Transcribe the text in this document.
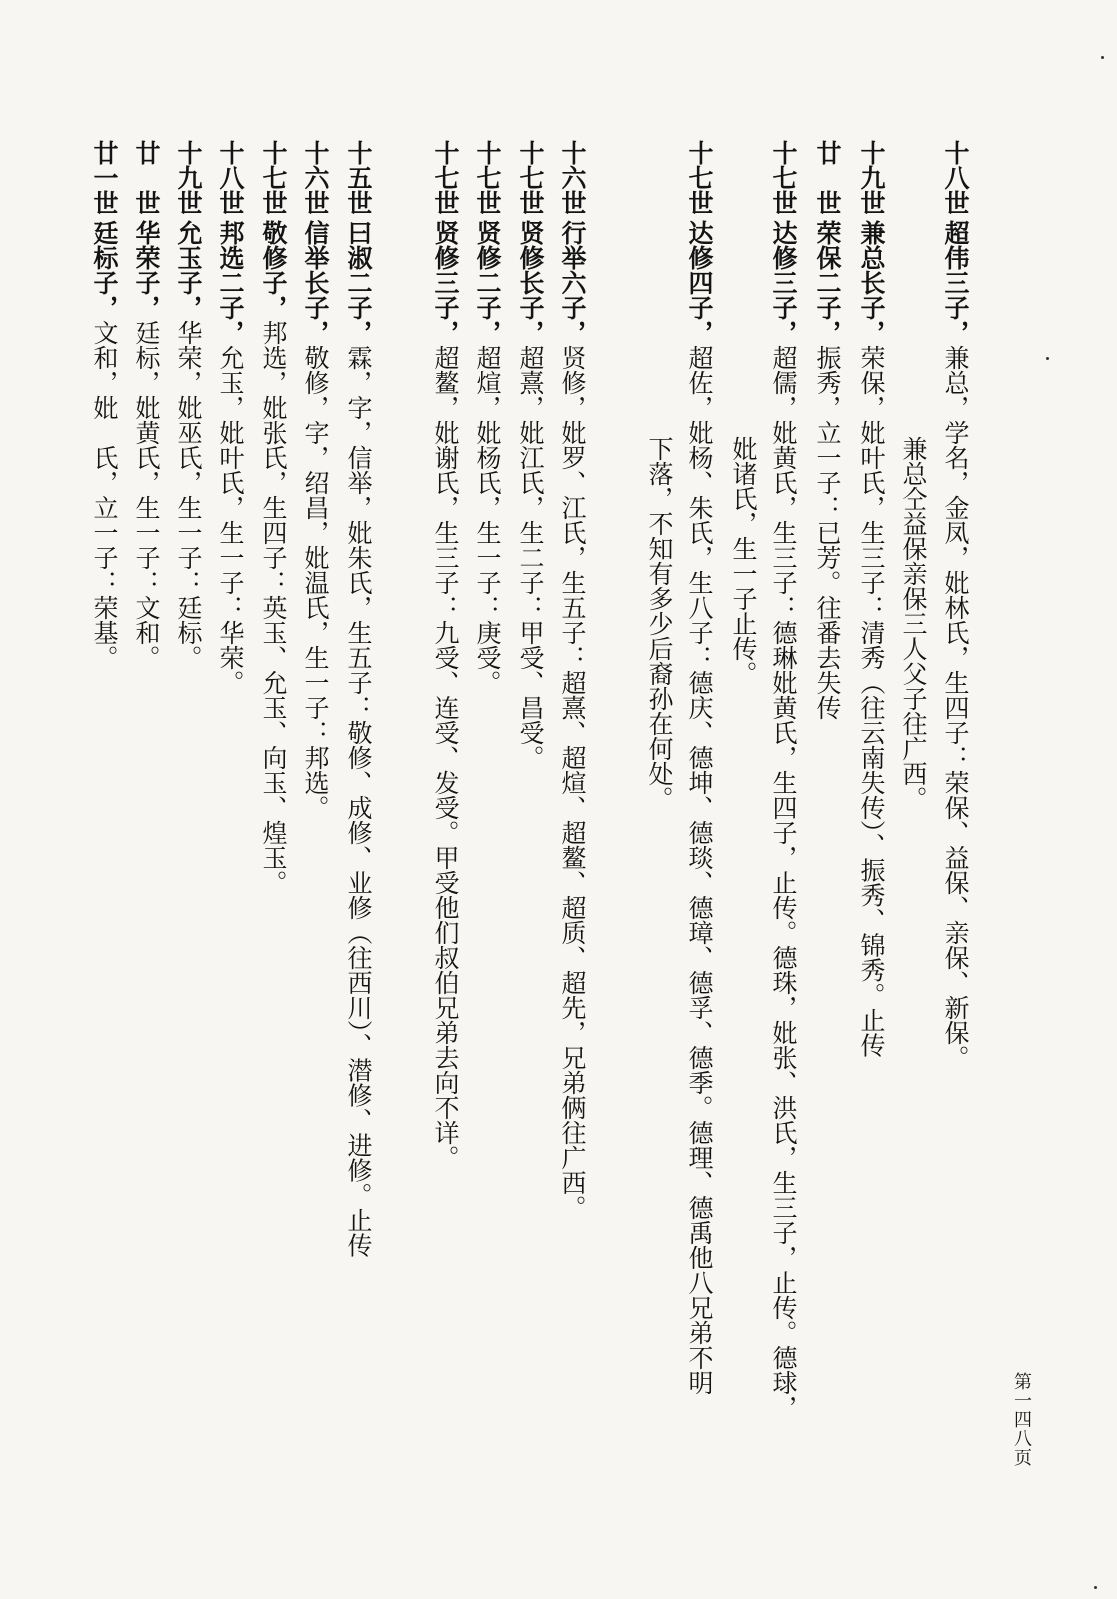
第一四八页
十八世超伟三子，兼总，学名，金凤，妣林氏，生四子：荣保、益保、亲保、新保。
兼总仝益保亲保三人父子往广西。
十九世兼总长子，荣保，妣叶氏，生三子：清秀（往云南失传）、振秀、锦秀。止传
廿　世荣保二子，振秀，立一子：已芳。往番去失传
十七世达修三子，超儒，妣黄氏，生三子：德琳妣黄氏，生四子，止传。德珠，妣张、洪氏，生三子，止传。德球，
妣诸氏，生一子止传。
十七世达修四子，超佐，妣杨、朱氏，生八子：德庆、德坤、德琰、德璋、德孚、德季。德理、德禹他八兄弟不明
下落，不知有多少后裔孙在何处。
十六世行举六子，贤修，妣罗、江氏，生五子：超熹、超煊、超鳌、超质、超先，兄弟俩往广西。
十七世贤修长子，超熹，妣江氏，生二子：甲受、昌受。
十七世贤修二子，超煊，妣杨氏，生一子：庚受。
十七世贤修三子，超鳌，妣谢氏，生三子：九受、连受、发受。甲受他们叔伯兄弟去向不详。
十五世曰淑二子，霖，字，信举，妣朱氏，生五子：敬修、成修、业修（往西川）、潜修、进修。止传
十六世信举长子，敬修，字，绍昌，妣温氏，生一子：邦选。
十七世敬修子，邦选，妣张氏，生四子：英玉、允玉、向玉、煌玉。
十八世邦选二子，允玉，妣叶氏，生一子：华荣。
十九世允玉子，华荣，妣巫氏，生一子：廷标。
廿　世华荣子，廷标，妣黄氏，生一子：文和。
廿一世廷标子，文和，妣　氏，立一子：荣基。
